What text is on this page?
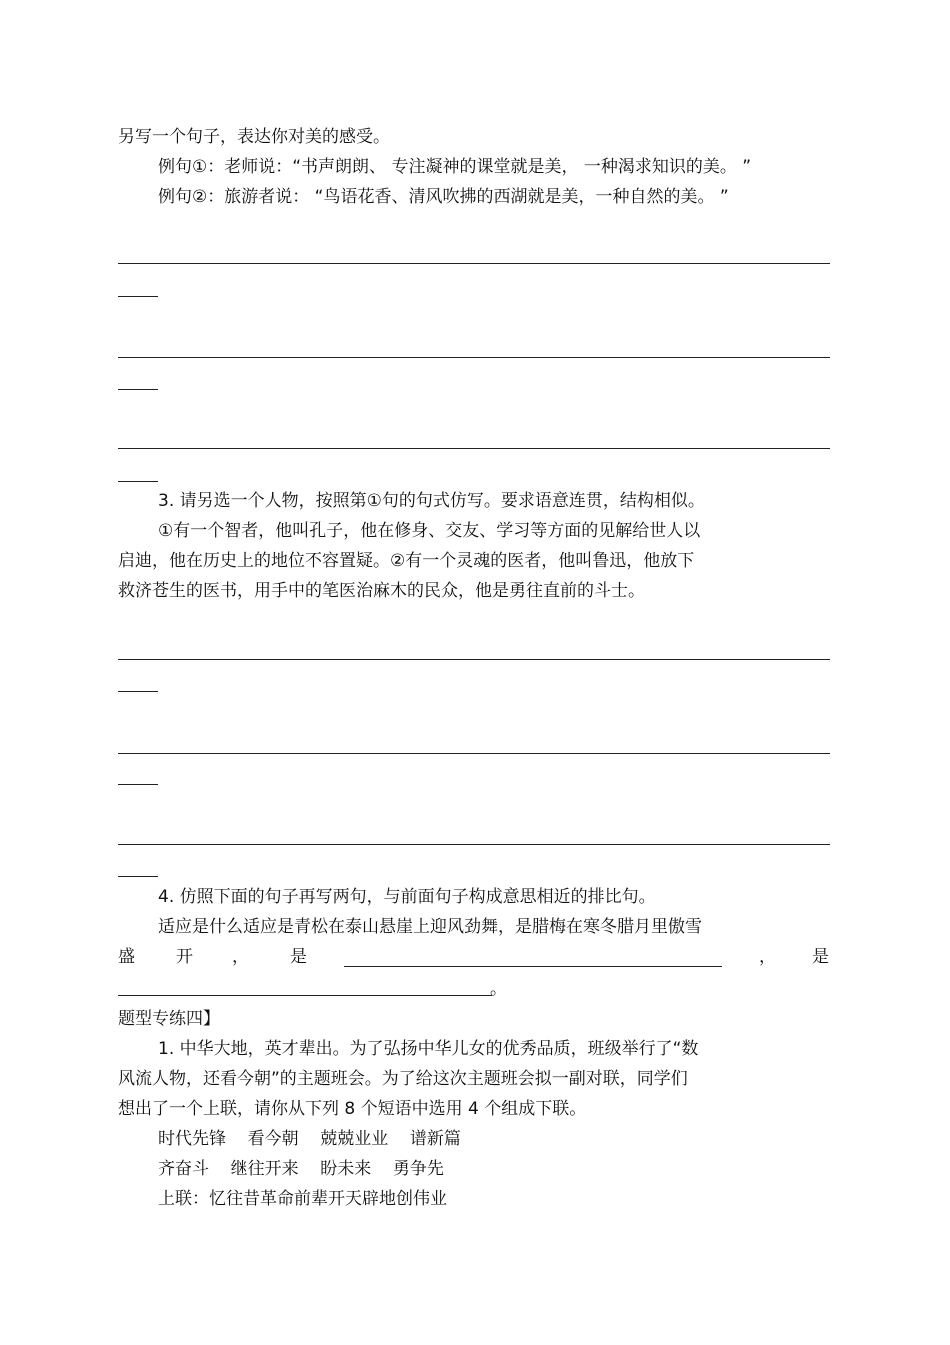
另写一个句子，表达你对美的感受。

例句①：老师说：“书声朗朗、 专注凝神的课堂就是美， 一种渴求知识的美。 ”

例句②：旅游者说： “鸟语花香、清风吹拂的西湖就是美，一种自然的美。 ”

3. 请另选一个人物，按照第①句的句式仿写。要求语意连贯，结构相似。

①有一个智者，他叫孔子，他在修身、交友、学习等方面的见解给世人以

启迪，他在历史上的地位不容置疑。②有一个灵魂的医者，他叫鲁迅，他放下

救济苍生的医书，用手中的笔医治麻木的民众，他是勇往直前的斗士。

4. 仿照下面的句子再写两句，与前面句子构成意思相近的排比句。

适应是什么适应是青松在泰山悬崖上迎风劲舞，是腊梅在寒冬腊月里傲雪

盛 开 ， 是	， 是

。

题型专练四】

1. 中华大地，英才辈出。为了弘扬中华儿女的优秀品质，班级举行了“数

风流人物，还看今朝”的主题班会。为了给这次主题班会拟一副对联，同学们

想出了一个上联，请你从下列 8 个短语中选用 4 个组成下联。

时代先锋    看今朝    兢兢业业    谱新篇

齐奋斗    继往开来    盼未来    勇争先

上联：忆往昔革命前辈开天辟地创伟业
